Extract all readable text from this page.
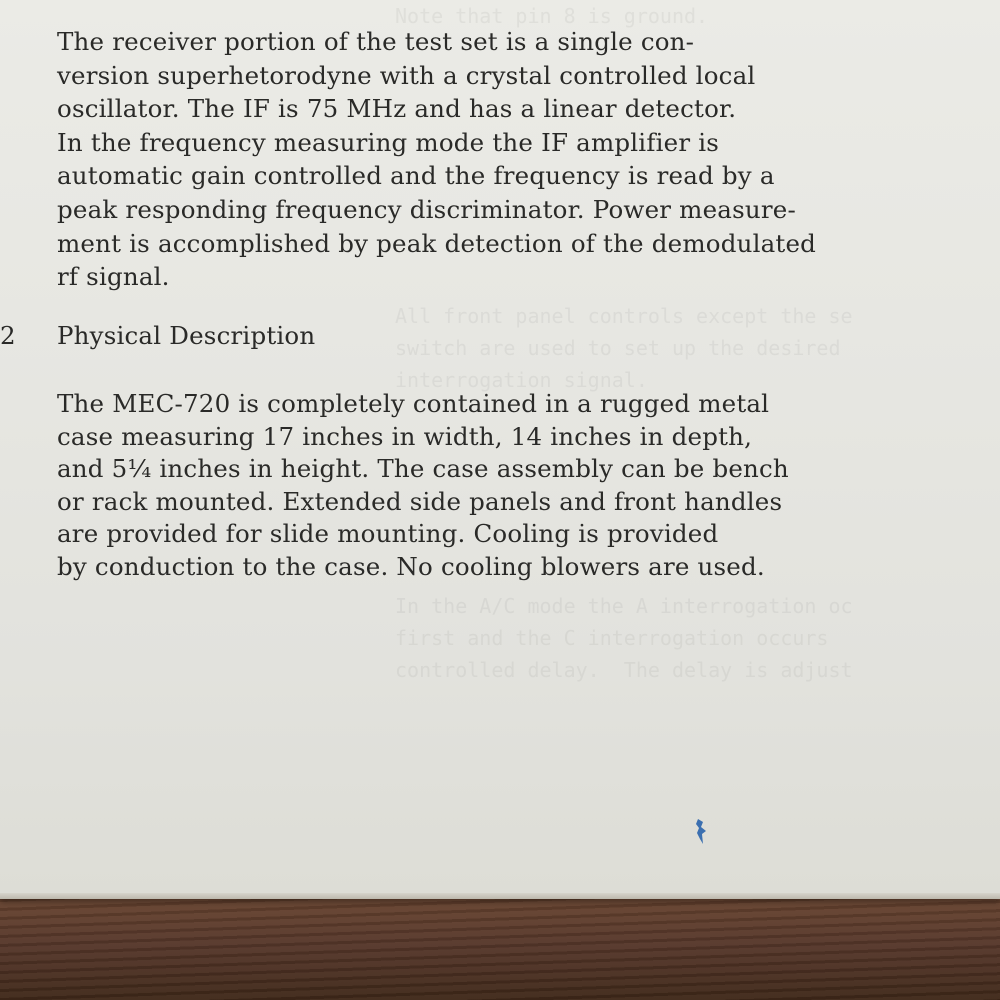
Note that pin 8 is ground.
All front panel controls except the se
switch are used to set up the desired
interrogation signal.
In the A/C mode the A interrogation oc
first and the C interrogation occurs
controlled delay.  The delay is adjust
The receiver portion of the test set is a single con-
version superhetorodyne with a crystal controlled local
oscillator. The IF is 75 MHz and has a linear detector.
In the frequency measuring mode the IF amplifier is
automatic gain controlled and the frequency is read by a
peak responding frequency discriminator. Power measure-
ment is accomplished by peak detection of the demodulated
rf signal.
2 Physical Description
The MEC-720 is completely contained in a rugged metal
case measuring 17 inches in width, 14 inches in depth,
and 5¼ inches in height. The case assembly can be bench
or rack mounted. Extended side panels and front handles
are provided for slide mounting. Cooling is provided
by conduction to the case. No cooling blowers are used.
